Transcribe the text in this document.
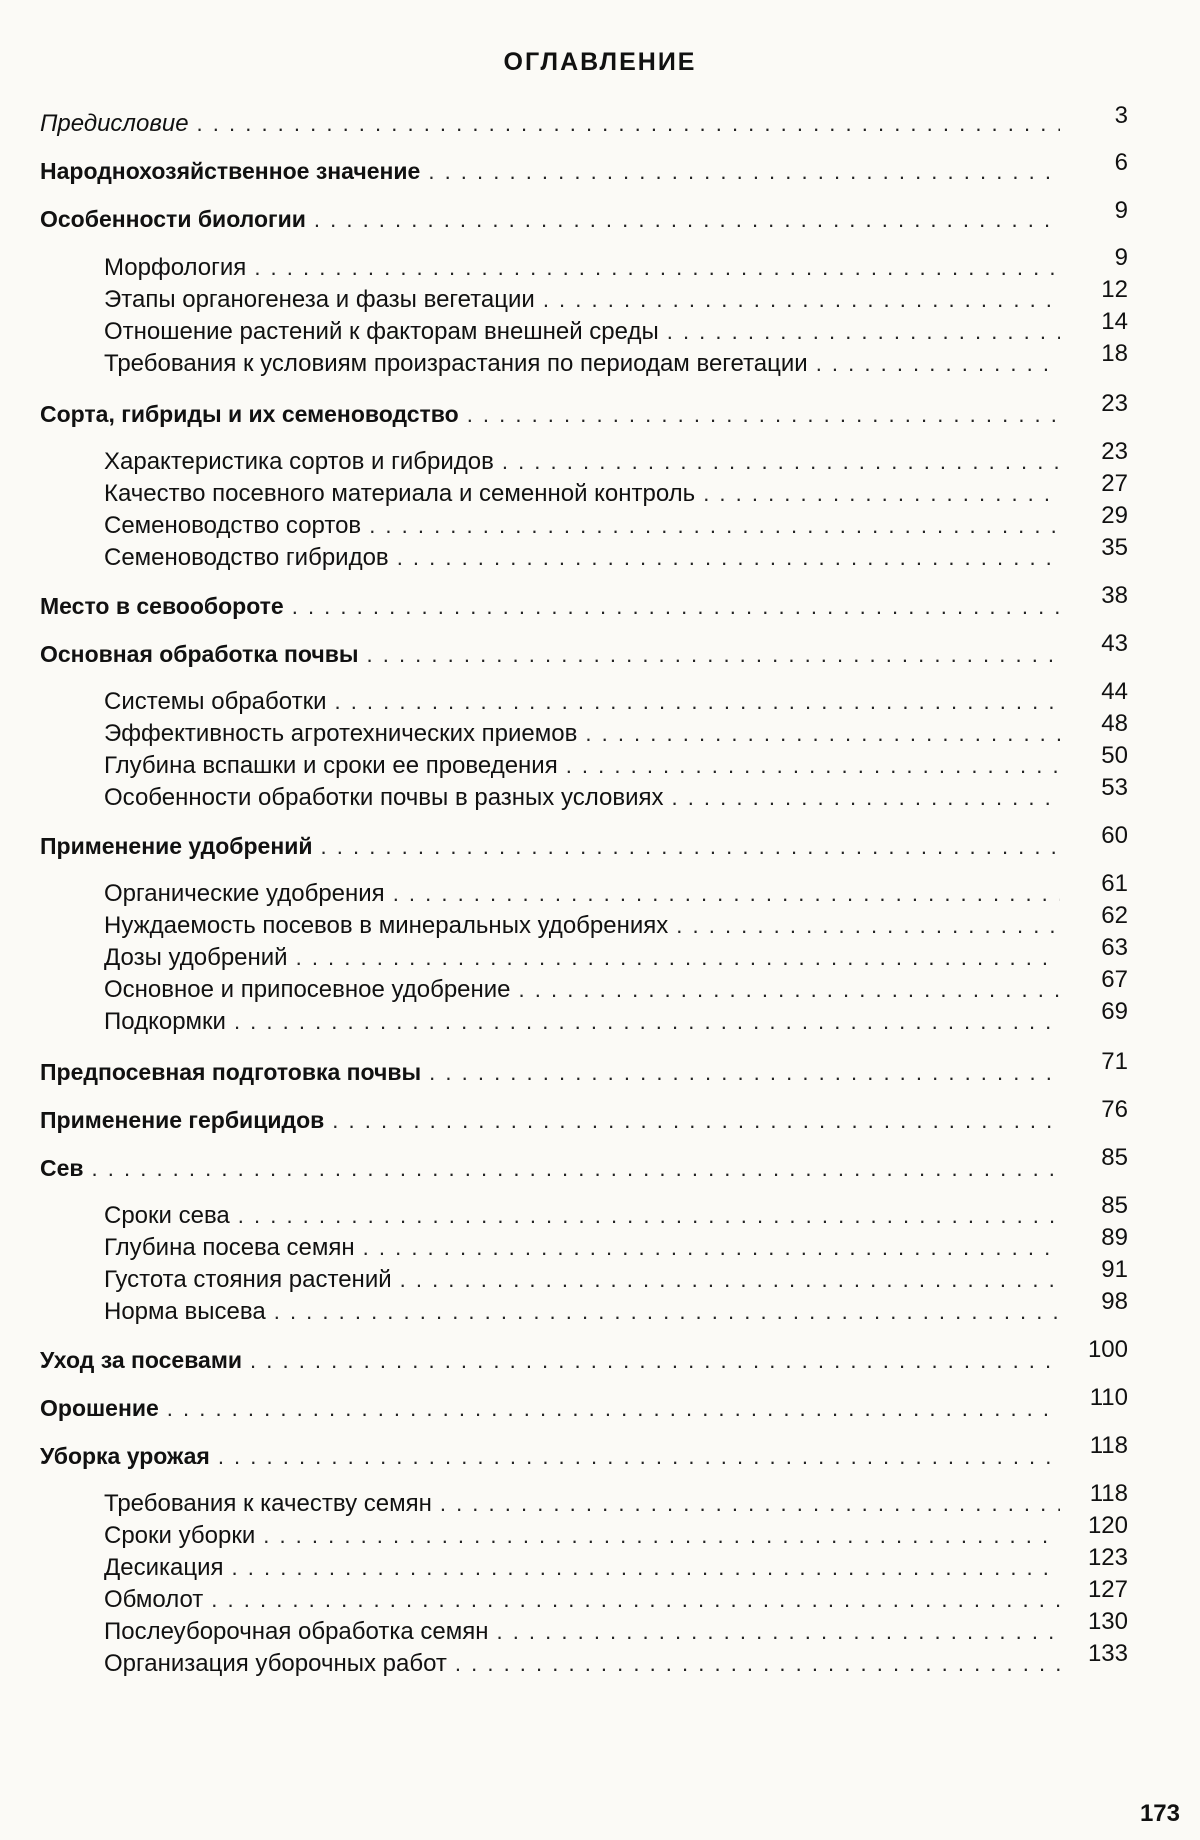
ОГЛАВЛЕНИЕ
Предисловие . . .	3
Народнохозяйственное значение . . .	6
Особенности биологии . . .	9
Морфология . . .	9
Этапы органогенеза и фазы вегетации . . .	12
Отношение растений к факторам внешней среды . . .	14
Требования к условиям произрастания по периодам вегетации . . .	18
Сорта, гибриды и их семеноводство . . .	23
Характеристика сортов и гибридов . . .	23
Качество посевного материала и семенной контроль . . .	27
Семеноводство сортов . . .	29
Семеноводство гибридов . . .	35
Место в севообороте . . .	38
Основная обработка почвы . . .	43
Системы обработки . . .	44
Эффективность агротехнических приемов . . .	48
Глубина вспашки и сроки ее проведения . . .	50
Особенности обработки почвы в разных условиях . . .	53
Применение удобрений . . .	60
Органические удобрения . . .	61
Нуждаемость посевов в минеральных удобрениях . . .	62
Дозы удобрений . . .	63
Основное и припосевное удобрение . . .	67
Подкормки . . .	69
Предпосевная подготовка почвы . . .	71
Применение гербицидов . . .	76
Сев . . .	85
Сроки сева . . .	85
Глубина посева семян . . .	89
Густота стояния растений . . .	91
Норма высева . . .	98
Уход за посевами . . .	100
Орошение . . .	110
Уборка урожая . . .	118
Требования к качеству семян . . .	118
Сроки уборки . . .	120
Десикация . . .	123
Обмолот . . .	127
Послеуборочная обработка семян . . .	130
Организация уборочных работ . . .	133
173
